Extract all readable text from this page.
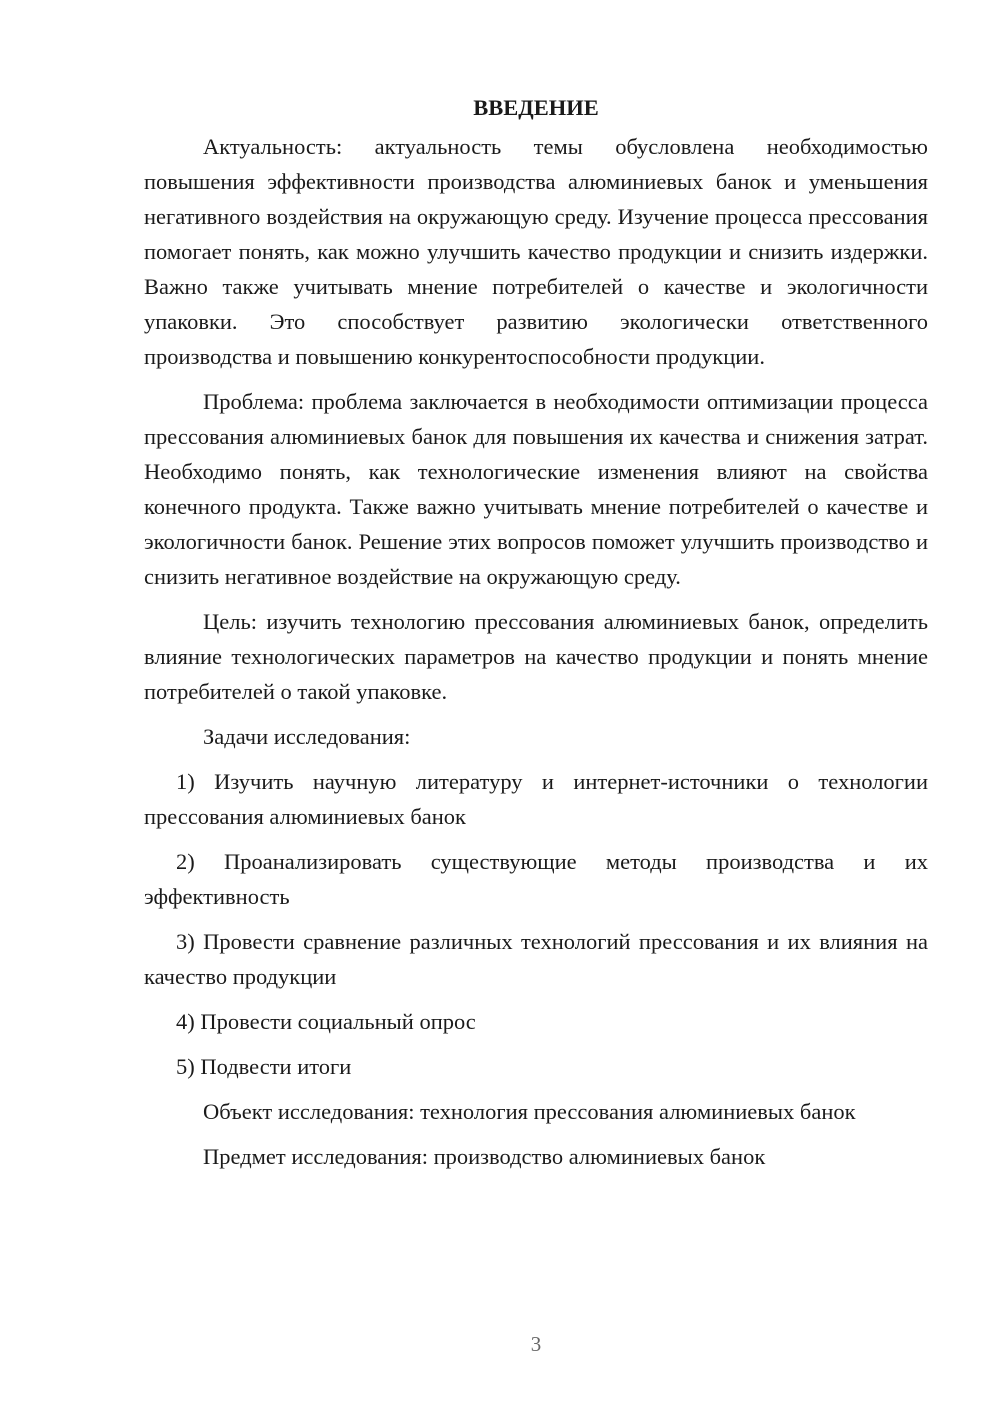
ВВЕДЕНИЕ

Актуальность: актуальность темы обусловлена необходимостью повышения эффективности производства алюминиевых банок и уменьшения негативного воздействия на окружающую среду. Изучение процесса прессования помогает понять, как можно улучшить качество продукции и снизить издержки. Важно также учитывать мнение потребителей о качестве и экологичности упаковки. Это способствует развитию экологически ответственного производства и повышению конкурентоспособности продукции.

Проблема: проблема заключается в необходимости оптимизации процесса прессования алюминиевых банок для повышения их качества и снижения затрат. Необходимо понять, как технологические изменения влияют на свойства конечного продукта. Также важно учитывать мнение потребителей о качестве и экологичности банок. Решение этих вопросов поможет улучшить производство и снизить негативное воздействие на окружающую среду.

Цель: изучить технологию прессования алюминиевых банок, определить влияние технологических параметров на качество продукции и понять мнение потребителей о такой упаковке.

Задачи исследования:

1) Изучить научную литературу и интернет-источники о технологии прессования алюминиевых банок

2) Проанализировать существующие методы производства и их эффективность

3) Провести сравнение различных технологий прессования и их влияния на качество продукции

4) Провести социальный опрос

5) Подвести итоги

Объект исследования: технология прессования алюминиевых банок

Предмет исследования: производство алюминиевых банок

3
